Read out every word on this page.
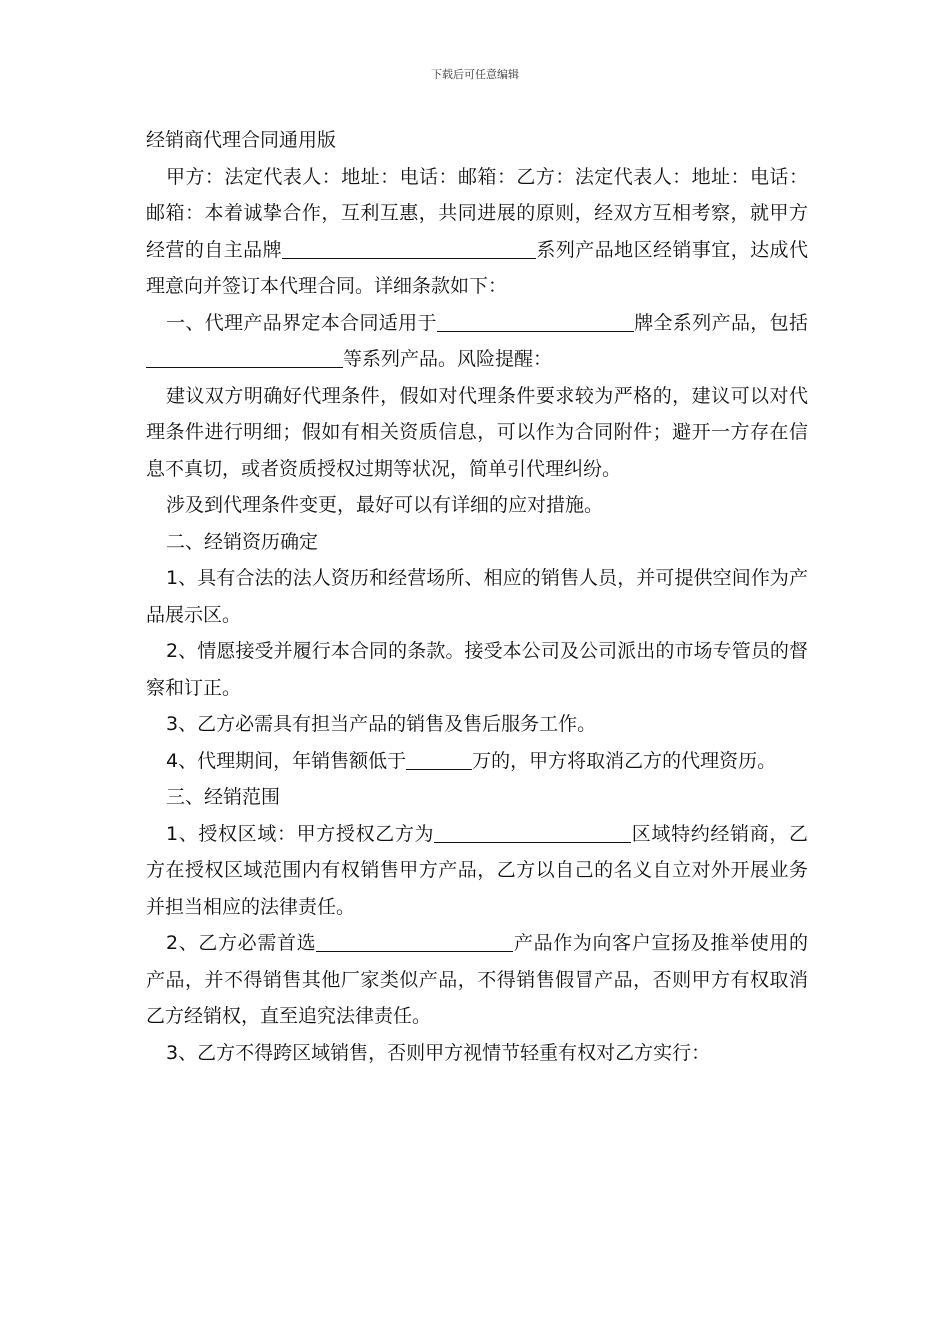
下载后可任意编辑

经销商代理合同通用版

甲方：法定代表人：地址：电话：邮箱：乙方：法定代表人：地址：电话：邮箱：本着诚挚合作，互利互惠，共同进展的原则，经双方互相考察，就甲方经营的自主品牌	系列产品地区经销事宜，达成代理意向并签订本代理合同。详细条款如下：

一、代理产品界定本合同适用于	牌全系列产品，包括等系列产品。风险提醒：

建议双方明确好代理条件，假如对代理条件要求较为严格的，建议可以对代理条件进行明细；假如有相关资质信息，可以作为合同附件；避开一方存在信息不真切，或者资质授权过期等状况，简单引代理纠纷。

涉及到代理条件变更，最好可以有详细的应对措施。

二、经销资历确定

1、具有合法的法人资历和经营场所、相应的销售人员，并可提供空间作为产品展示区。

2、情愿接受并履行本合同的条款。接受本公司及公司派出的市场专管员的督察和订正。

3、乙方必需具有担当产品的销售及售后服务工作。

4、代理期间，年销售额低于	万的，甲方将取消乙方的代理资历。

三、经销范围

1、授权区域：甲方授权乙方为	区域特约经销商，乙方在授权区域范围内有权销售甲方产品，乙方以自己的名义自立对外开展业务并担当相应的法律责任。

2、乙方必需首选	产品作为向客户宣扬及推举使用的产品，并不得销售其他厂家类似产品，不得销售假冒产品，否则甲方有权取消乙方经销权，直至追究法律责任。

3、乙方不得跨区域销售，否则甲方视情节轻重有权对乙方实行：
